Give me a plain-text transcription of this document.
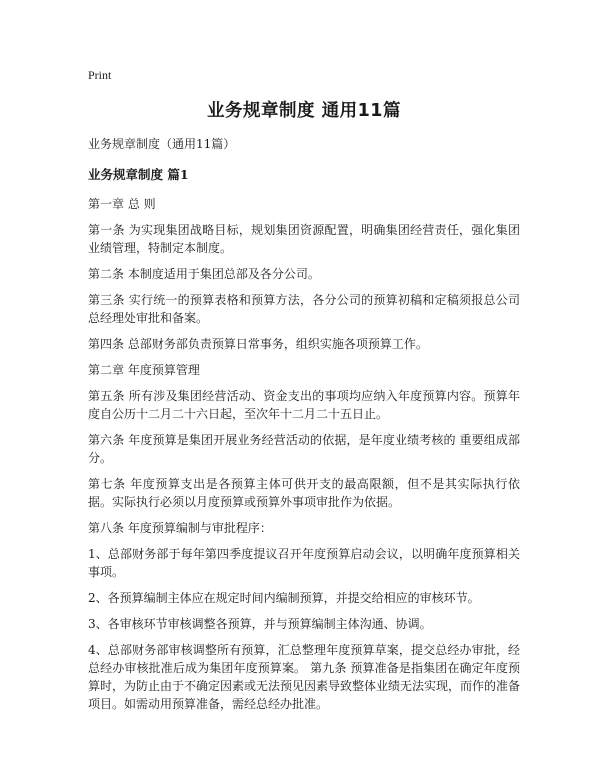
Print
业务规章制度 通用11篇
业务规章制度（通用11篇）
业务规章制度 篇1
第一章 总 则
第一条 为实现集团战略目标，规划集团资源配置，明确集团经营责任，强化集团业绩管理，特制定本制度。
第二条 本制度适用于集团总部及各分公司。
第三条 实行统一的预算表格和预算方法，各分公司的预算初稿和定稿须报总公司总经理处审批和备案。
第四条 总部财务部负责预算日常事务，组织实施各项预算工作。
第二章 年度预算管理
第五条 所有涉及集团经营活动、资金支出的事项均应纳入年度预算内容。预算年度自公历十二月二十六日起，至次年十二月二十五日止。
第六条 年度预算是集团开展业务经营活动的依据，是年度业绩考核的 重要组成部分。
第七条 年度预算支出是各预算主体可供开支的最高限额，但不是其实际执行依据。实际执行必须以月度预算或预算外事项审批作为依据。
第八条 年度预算编制与审批程序：
1、总部财务部于每年第四季度提议召开年度预算启动会议，以明确年度预算相关事项。
2、各预算编制主体应在规定时间内编制预算，并提交给相应的审核环节。
3、各审核环节审核调整各预算，并与预算编制主体沟通、协调。
4、总部财务部审核调整所有预算，汇总整理年度预算草案，提交总经办审批，经总经办审核批准后成为集团年度预算案。 第九条 预算准备是指集团在确定年度预算时，为防止由于不确定因素或无法预见因素导致整体业绩无法实现，而作的准备项目。如需动用预算准备，需经总经办批准。
